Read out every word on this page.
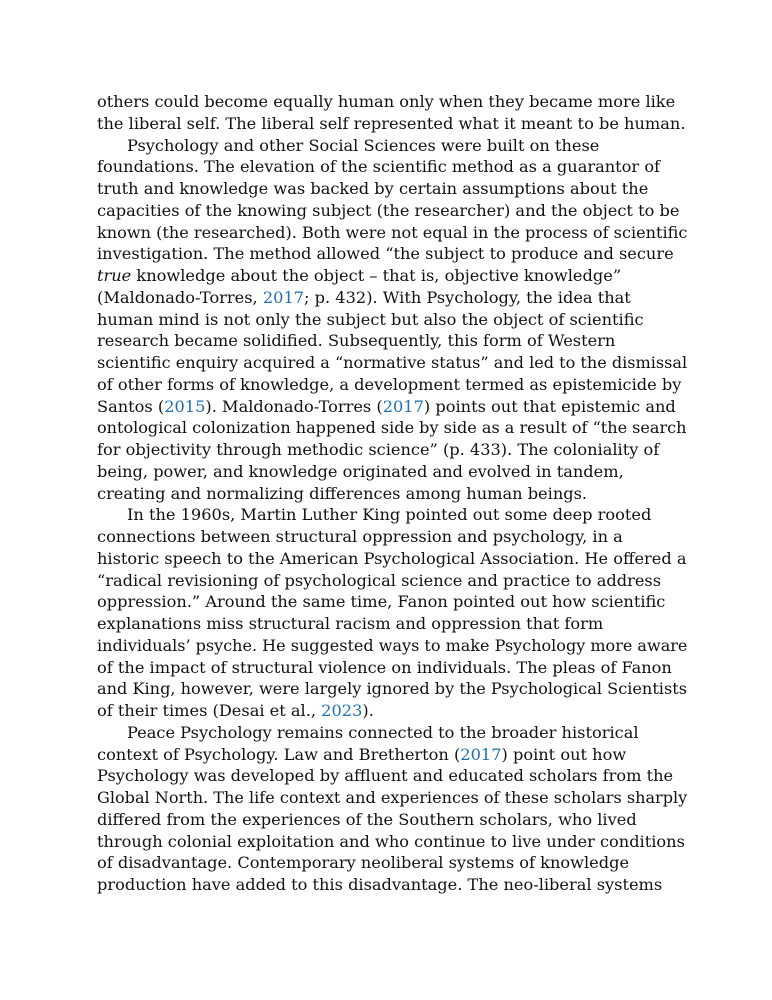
others could become equally human only when they became more like
the liberal self. The liberal self represented what it meant to be human.
Psychology and other Social Sciences were built on these
foundations. The elevation of the scientific method as a guarantor of
truth and knowledge was backed by certain assumptions about the
capacities of the knowing subject (the researcher) and the object to be
known (the researched). Both were not equal in the process of scientific
investigation. The method allowed “the subject to produce and secure
true knowledge about the object – that is, objective knowledge”
(Maldonado-Torres, 2017; p. 432). With Psychology, the idea that
human mind is not only the subject but also the object of scientific
research became solidified. Subsequently, this form of Western
scientific enquiry acquired a “normative status” and led to the dismissal
of other forms of knowledge, a development termed as epistemicide by
Santos (2015). Maldonado-Torres (2017) points out that epistemic and
ontological colonization happened side by side as a result of “the search
for objectivity through methodic science” (p. 433). The coloniality of
being, power, and knowledge originated and evolved in tandem,
creating and normalizing differences among human beings.
In the 1960s, Martin Luther King pointed out some deep rooted
connections between structural oppression and psychology, in a
historic speech to the American Psychological Association. He offered a
“radical revisioning of psychological science and practice to address
oppression.” Around the same time, Fanon pointed out how scientific
explanations miss structural racism and oppression that form
individuals’ psyche. He suggested ways to make Psychology more aware
of the impact of structural violence on individuals. The pleas of Fanon
and King, however, were largely ignored by the Psychological Scientists
of their times (Desai et al., 2023).
Peace Psychology remains connected to the broader historical
context of Psychology. Law and Bretherton (2017) point out how
Psychology was developed by affluent and educated scholars from the
Global North. The life context and experiences of these scholars sharply
differed from the experiences of the Southern scholars, who lived
through colonial exploitation and who continue to live under conditions
of disadvantage. Contemporary neoliberal systems of knowledge
production have added to this disadvantage. The neo-liberal systems
